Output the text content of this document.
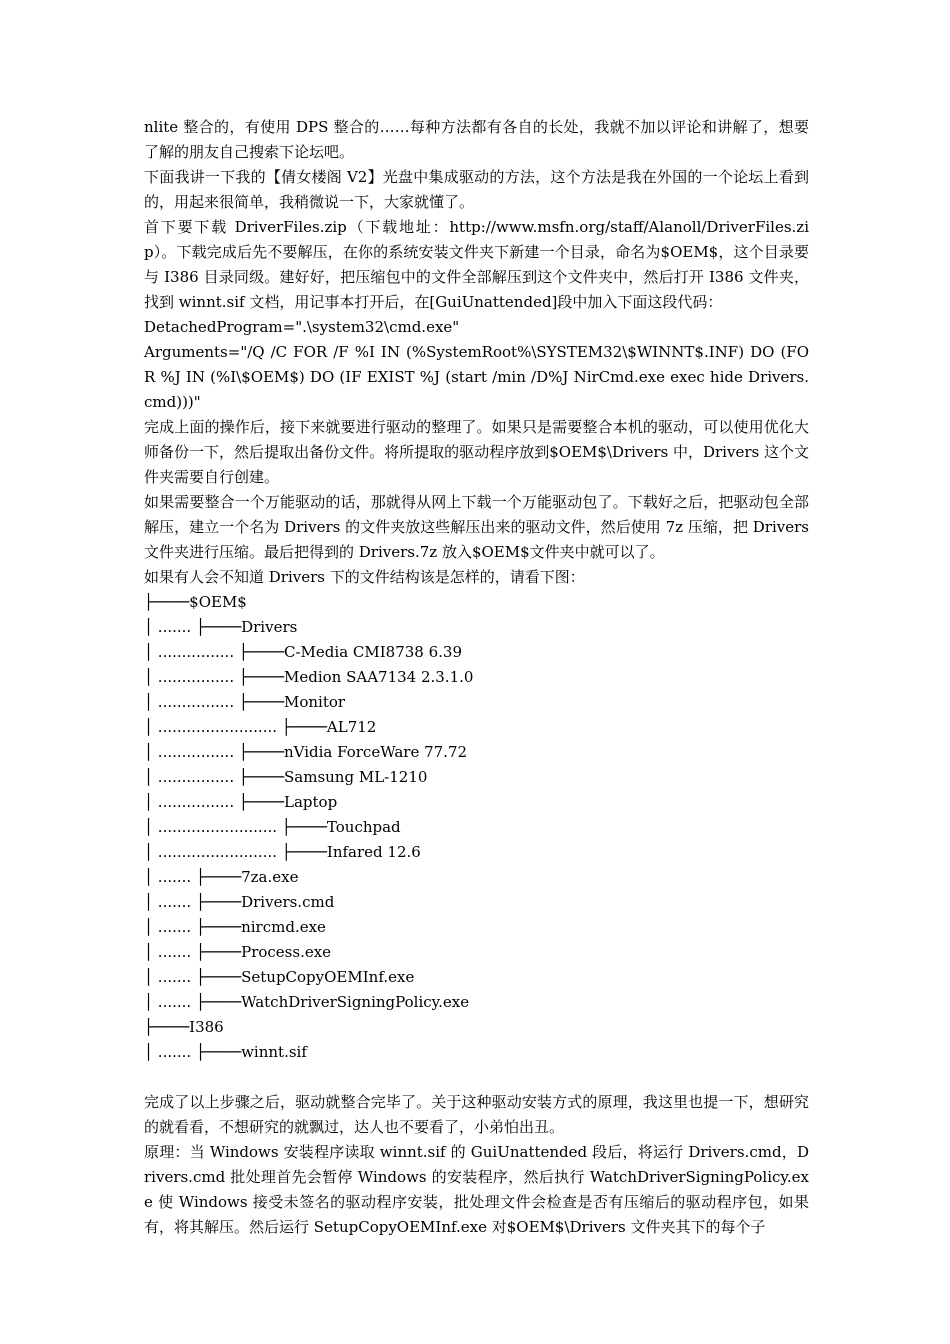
nlite 整合的，有使用 DPS 整合的……每种方法都有各自的长处，我就不加以评论和讲解了，想要了解的朋友自己搜索下论坛吧。

下面我讲一下我的【倩女楼阁 V2】光盘中集成驱动的方法，这个方法是我在外国的一个论坛上看到的，用起来很简单，我稍微说一下，大家就懂了。

首下要下载 DriverFiles.zip（下载地址：http://www.msfn.org/staff/Alanoll/DriverFiles.zip）。下载完成后先不要解压，在你的系统安装文件夹下新建一个目录，命名为$OEM$，这个目录要与 I386 目录同级。建好好，把压缩包中的文件全部解压到这个文件夹中，然后打开 I386 文件夹，找到 winnt.sif 文档，用记事本打开后，在[GuiUnattended]段中加入下面这段代码：

DetachedProgram=".\system32\cmd.exe"

Arguments="/Q /C FOR /F %I IN (%SystemRoot%\SYSTEM32\$WINNT$.INF) DO (FOR %J IN (%I\$OEM$) DO (IF EXIST %J (start /min /D%J NirCmd.exe exec hide Drivers.cmd)))"

完成上面的操作后，接下来就要进行驱动的整理了。如果只是需要整合本机的驱动，可以使用优化大师备份一下，然后提取出备份文件。将所提取的驱动程序放到$OEM$\Drivers 中，Drivers 这个文件夹需要自行创建。

如果需要整合一个万能驱动的话，那就得从网上下载一个万能驱动包了。下载好之后，把驱动包全部解压，建立一个名为 Drivers 的文件夹放这些解压出来的驱动文件，然后使用 7z 压缩，把 Drivers 文件夹进行压缩。最后把得到的 Drivers.7z 放入$OEM$文件夹中就可以了。

如果有人会不知道 Drivers 下的文件结构该是怎样的，请看下图：

├────$OEM$
│ ....... ├────Drivers
│ ................ ├────C-Media CMI8738 6.39
│ ................ ├────Medion SAA7134 2.3.1.0
│ ................ ├────Monitor
│ ......................... ├────AL712
│ ................ ├────nVidia ForceWare 77.72
│ ................ ├────Samsung ML-1210
│ ................ ├────Laptop
│ ......................... ├────Touchpad
│ ......................... ├────Infared 12.6
│ ....... ├────7za.exe
│ ....... ├────Drivers.cmd
│ ....... ├────nircmd.exe
│ ....... ├────Process.exe
│ ....... ├────SetupCopyOEMInf.exe
│ ....... ├────WatchDriverSigningPolicy.exe
├────I386
│ ....... ├────winnt.sif

完成了以上步骤之后，驱动就整合完毕了。关于这种驱动安装方式的原理，我这里也提一下，想研究的就看看，不想研究的就飘过，达人也不要看了，小弟怕出丑。

原理：当 Windows 安装程序读取 winnt.sif 的 GuiUnattended 段后，将运行 Drivers.cmd，Drivers.cmd 批处理首先会暂停 Windows 的安装程序，然后执行 WatchDriverSigningPolicy.exe 使 Windows 接受未签名的驱动程序安装，批处理文件会检查是否有压缩后的驱动程序包，如果有，将其解压。然后运行 SetupCopyOEMInf.exe 对$OEM$\Drivers 文件夹其下的每个子
